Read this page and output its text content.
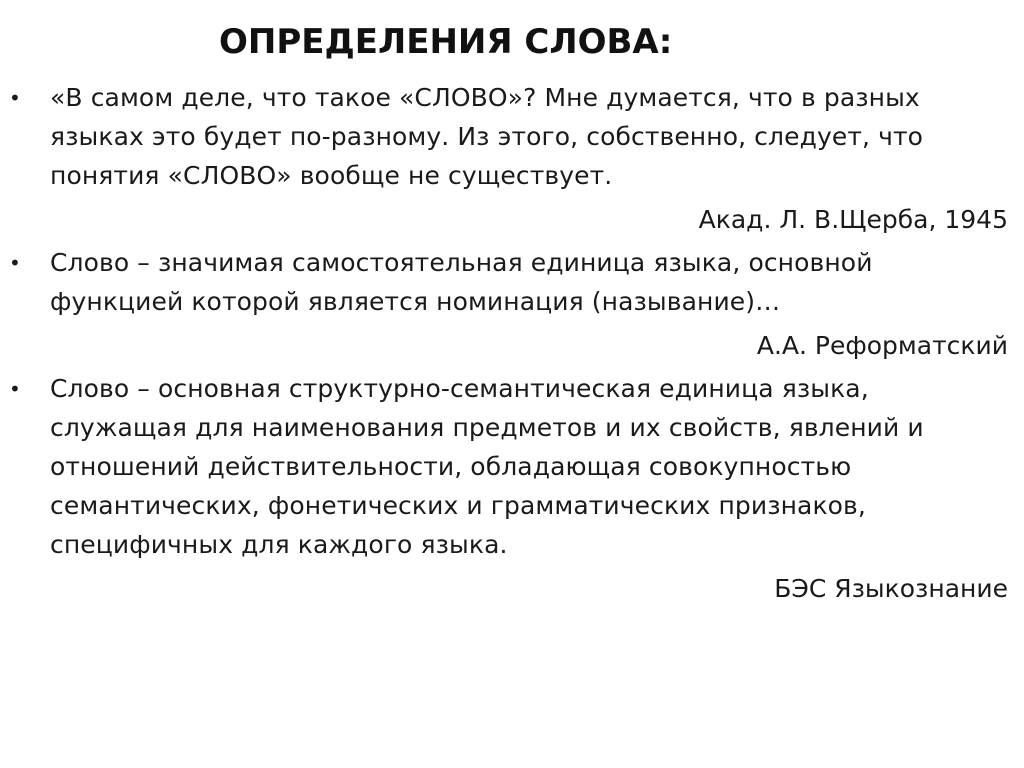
ОПРЕДЕЛЕНИЯ СЛОВА:
• «В самом деле, что такое «СЛОВО»? Мне думается, что в разных языках это будет по-разному. Из этого, собственно, следует, что понятия «СЛОВО» вообще не существует.

Акад. Л. В.Щерба, 1945
• Слово – значимая самостоятельная единица языка, основной функцией которой является номинация (называние)…

А.А. Реформатский
• Слово – основная структурно-семантическая единица языка, служащая для наименования предметов и их свойств, явлений и отношений действительности, обладающая совокупностью семантических, фонетических и грамматических признаков, специфичных для каждого языка.

БЭС Языкознание
